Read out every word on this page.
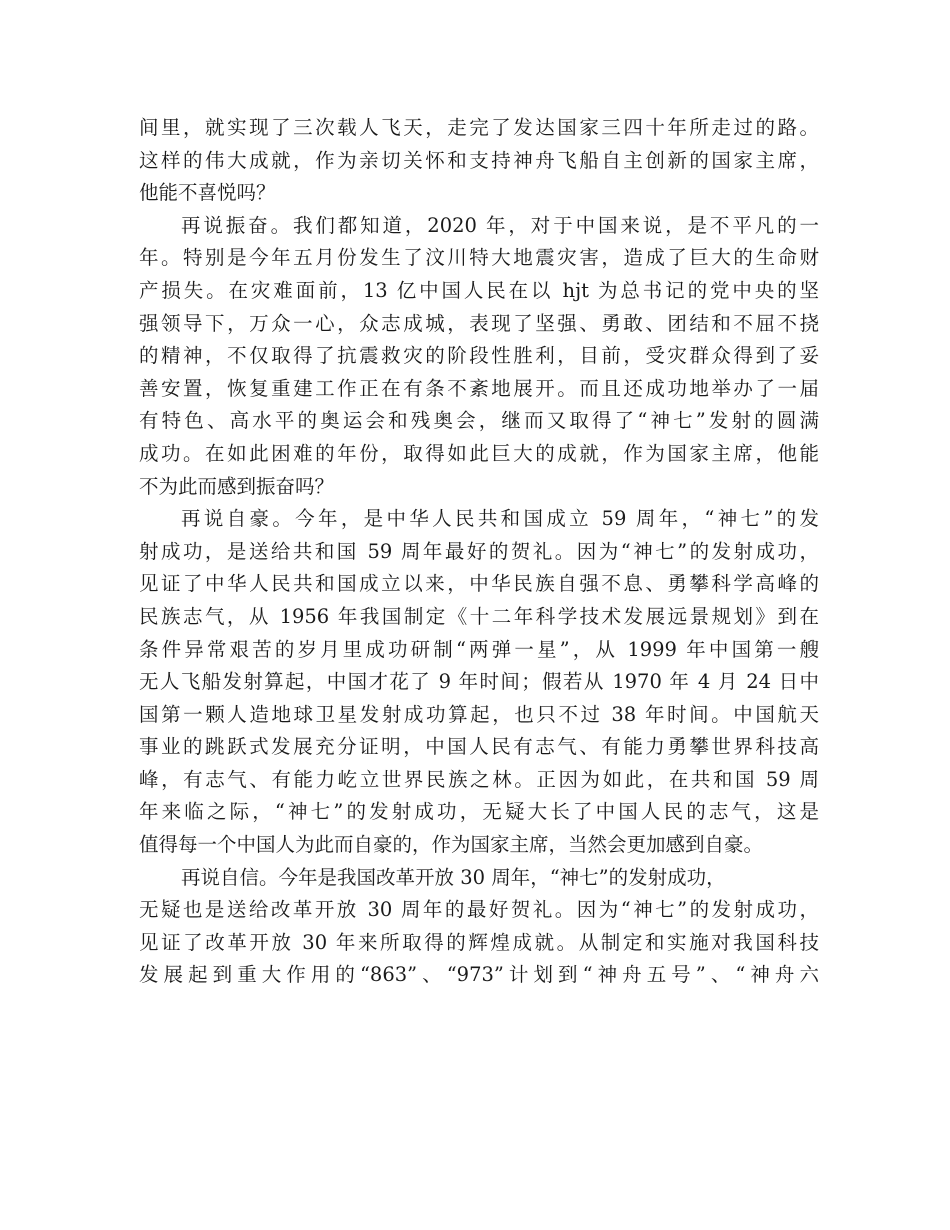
间里，就实现了三次载人飞天，走完了发达国家三四十年所走过的路。
这样的伟大成就，作为亲切关怀和支持神舟飞船自主创新的国家主席，
他能不喜悦吗？
再说振奋。我们都知道，2020 年，对于中国来说，是不平凡的一
年。特别是今年五月份发生了汶川特大地震灾害，造成了巨大的生命财
产损失。在灾难面前，13 亿中国人民在以 hjt 为总书记的党中央的坚
强领导下，万众一心，众志成城，表现了坚强、勇敢、团结和不屈不挠
的精神，不仅取得了抗震救灾的阶段性胜利，目前，受灾群众得到了妥
善安置，恢复重建工作正在有条不紊地展开。而且还成功地举办了一届
有特色、高水平的奥运会和残奥会，继而又取得了“神七”发射的圆满
成功。在如此困难的年份，取得如此巨大的成就，作为国家主席，他能
不为此而感到振奋吗？
再说自豪。今年，是中华人民共和国成立 59 周年，“神七”的发
射成功，是送给共和国 59 周年最好的贺礼。因为“神七”的发射成功，
见证了中华人民共和国成立以来，中华民族自强不息、勇攀科学高峰的
民族志气，从 1956 年我国制定《十二年科学技术发展远景规划》到在
条件异常艰苦的岁月里成功研制“两弹一星”，从 1999 年中国第一艘
无人飞船发射算起，中国才花了 9 年时间；假若从 1970 年 4 月 24 日中
国第一颗人造地球卫星发射成功算起，也只不过 38 年时间。中国航天
事业的跳跃式发展充分证明，中国人民有志气、有能力勇攀世界科技高
峰，有志气、有能力屹立世界民族之林。正因为如此，在共和国 59 周
年来临之际，“神七”的发射成功，无疑大长了中国人民的志气，这是
值得每一个中国人为此而自豪的，作为国家主席，当然会更加感到自豪。
再说自信。今年是我国改革开放 30 周年，“神七”的发射成功，
无疑也是送给改革开放 30 周年的最好贺礼。因为“神七”的发射成功，
见证了改革开放 30 年来所取得的辉煌成就。从制定和实施对我国科技
发展起到重大作用的“863”、“973”计划到“神舟五号”、“神舟六
